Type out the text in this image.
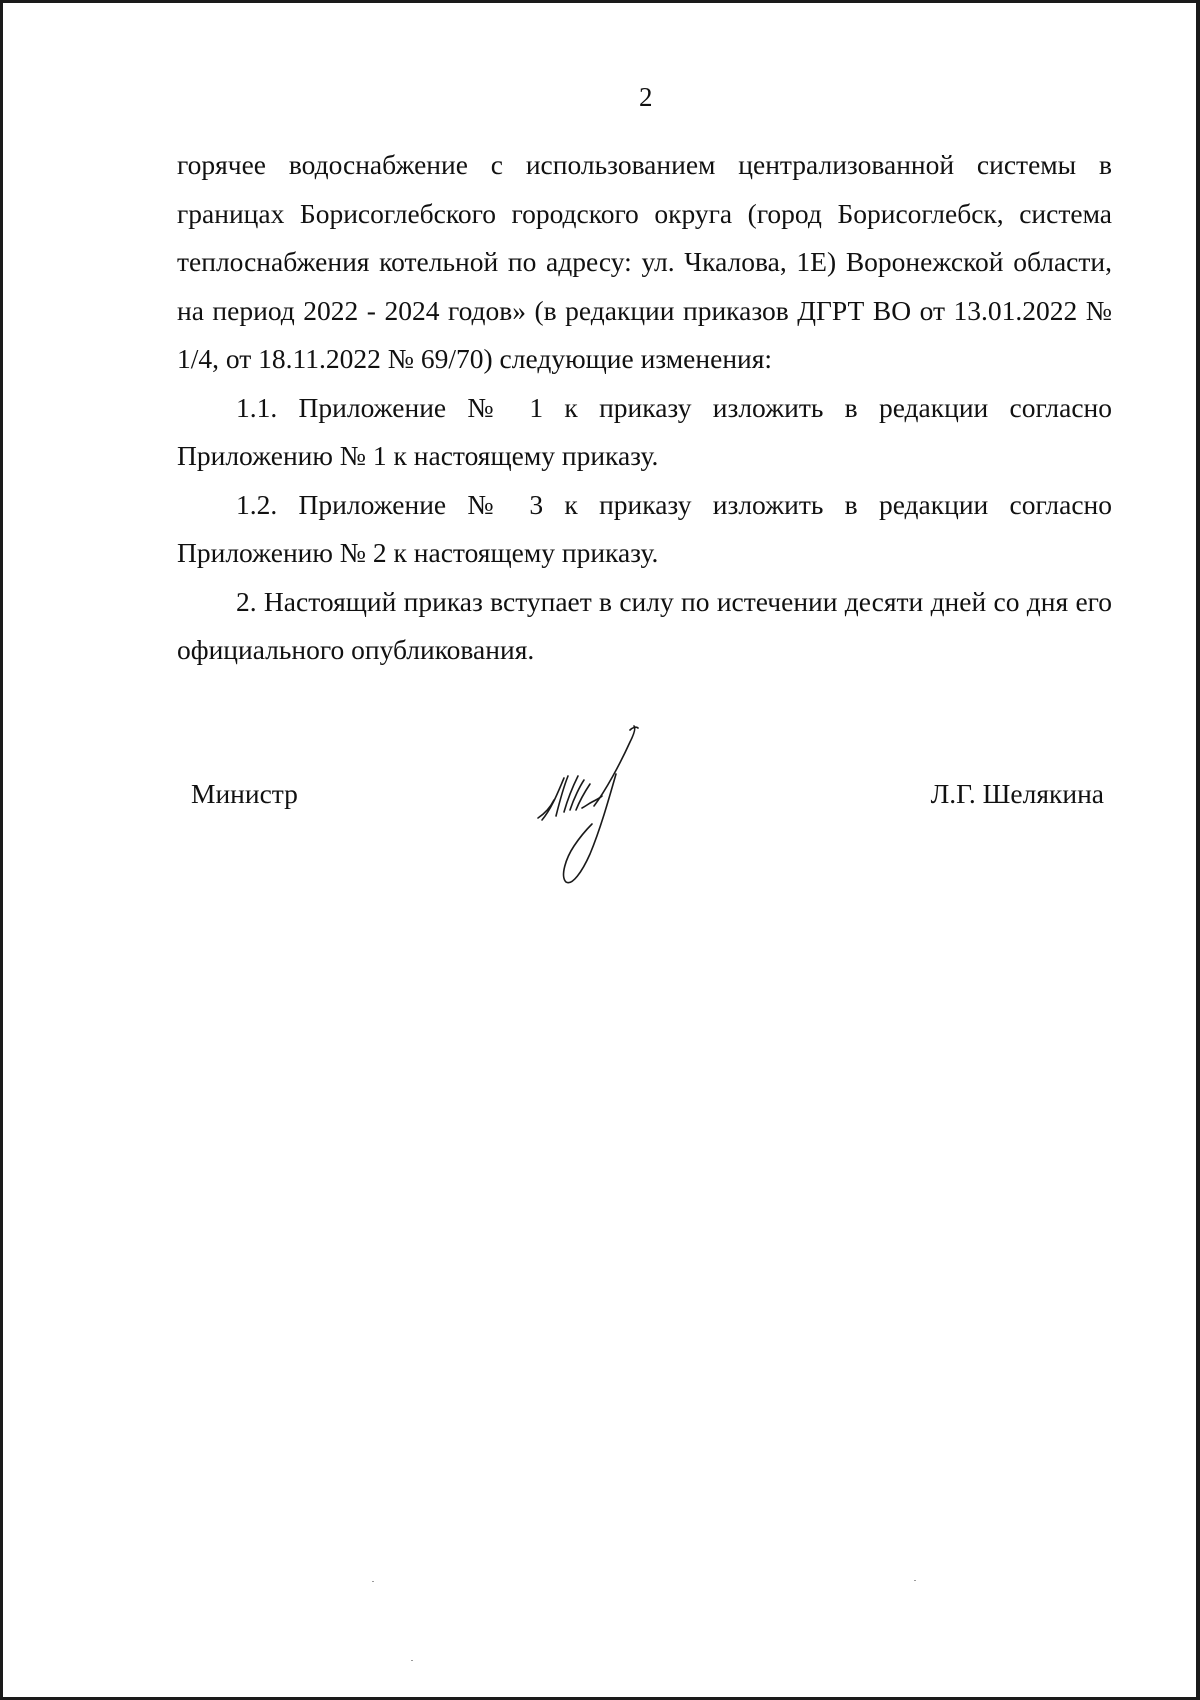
2

горячее водоснабжение с использованием централизованной системы в границах Борисоглебского городского округа (город Борисоглебск, система теплоснабжения котельной по адресу: ул. Чкалова, 1Е) Воронежской области, на период 2022 - 2024 годов» (в редакции приказов ДГРТ ВО от 13.01.2022 № 1/4, от 18.11.2022 № 69/70) следующие изменения:

1.1. Приложение № 1 к приказу изложить в редакции согласно Приложению № 1 к настоящему приказу.

1.2. Приложение № 3 к приказу изложить в редакции согласно Приложению № 2 к настоящему приказу.

2. Настоящий приказ вступает в силу по истечении десяти дней со дня его официального опубликования.

Министр	Л.Г. Шелякина
